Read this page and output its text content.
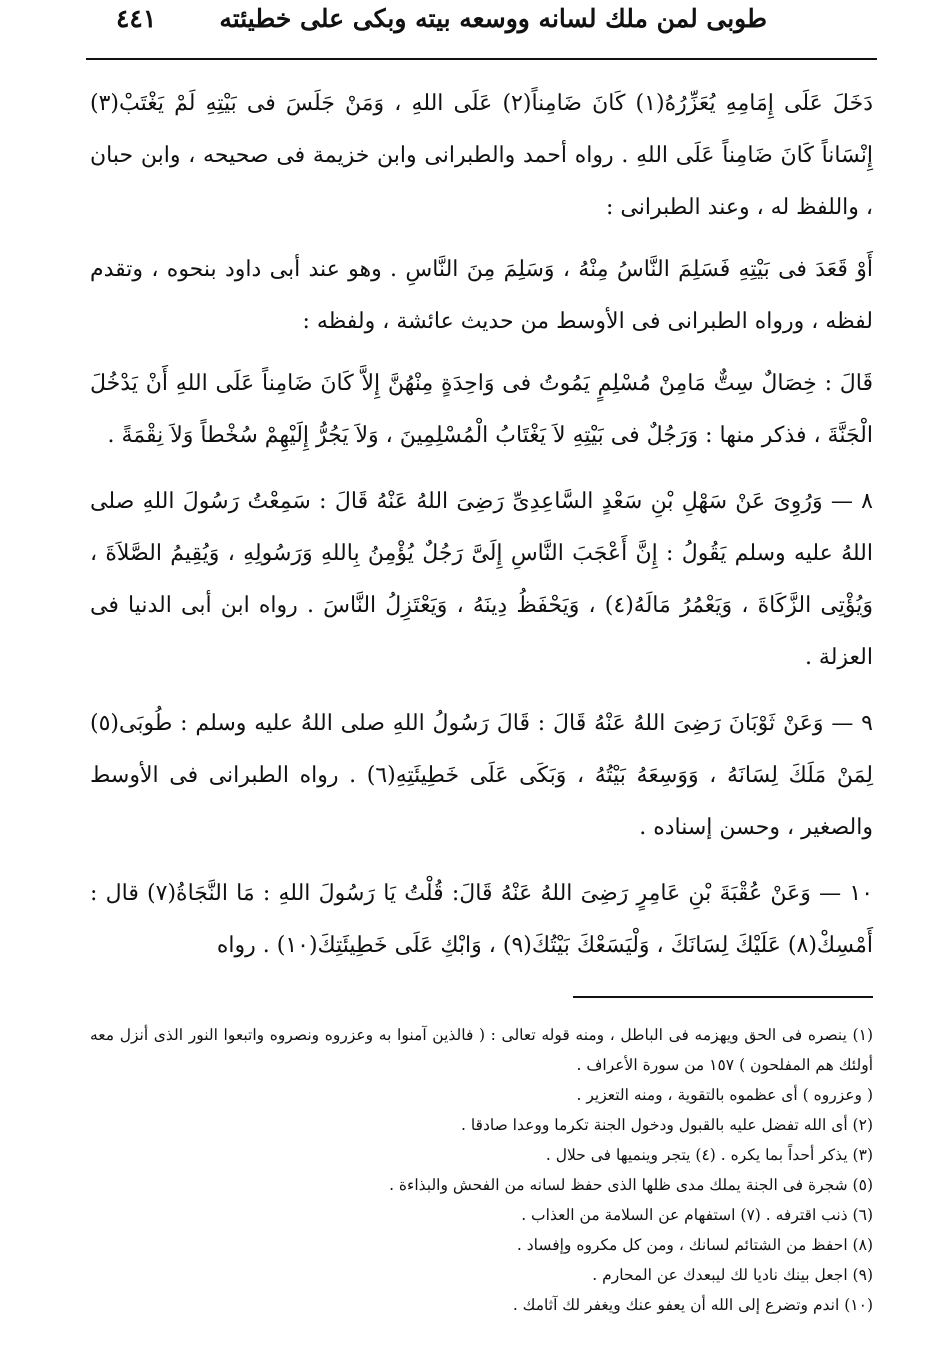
طوبى لمن ملك لسانه ووسعه بيته وبكى على خطيئته
٤٤١

دَخَلَ عَلَى إِمَامِهِ يُعَزِّرُهُ(١) كَانَ ضَامِناً(٢) عَلَى اللهِ ، وَمَنْ جَلَسَ فى بَيْتِهِ لَمْ يَغْتَبْ(٣) إِنْسَاناً كَانَ ضَامِناً عَلَى اللهِ . رواه أحمد والطبرانى وابن خزيمة فى صحيحه ، وابن حبان ، واللفظ له ، وعند الطبرانى :

أَوْ قَعَدَ فى بَيْتِهِ فَسَلِمَ النَّاسُ مِنْهُ ، وَسَلِمَ مِنَ النَّاسِ . وهو عند أبى داود بنحوه ، وتقدم لفظه ، ورواه الطبرانى فى الأوسط من حديث عائشة ، ولفظه :

قَالَ : خِصَالٌ سِتٌّ مَامِنْ مُسْلِمٍ يَمُوتُ فى وَاحِدَةٍ مِنْهُنَّ إِلاَّ كَانَ ضَامِناً عَلَى اللهِ أَنْ يَدْخُلَ الْجَنَّةَ ، فذكر منها : وَرَجُلٌ فى بَيْتِهِ لاَ يَغْتَابُ الْمُسْلِمِينَ ، وَلاَ يَجُرُّ إِلَيْهِمْ سُخْطاً وَلاَ نِقْمَةً .

٨ — وَرُوِىَ عَنْ سَهْلِ بْنِ سَعْدٍ السَّاعِدِىِّ رَضِىَ اللهُ عَنْهُ قَالَ : سَمِعْتُ رَسُولَ اللهِ صلى اللهُ عليه وسلم يَقُولُ : إِنَّ أَعْجَبَ النَّاسِ إِلَىَّ رَجُلٌ يُؤْمِنُ بِاللهِ وَرَسُولِهِ ، وَيُقِيمُ الصَّلاَةَ ، وَيُؤْتِى الزَّكَاةَ ، وَيَعْمُرُ مَالَهُ(٤) ، وَيَحْفَظُ دِينَهُ ، وَيَعْتَزِلُ النَّاسَ . رواه ابن أبى الدنيا فى العزلة .

٩ — وَعَنْ ثَوْبَانَ رَضِىَ اللهُ عَنْهُ قَالَ : قَالَ رَسُولُ اللهِ صلى اللهُ عليه وسلم : طُوبَى(٥) لِمَنْ مَلَكَ لِسَانَهُ ، وَوَسِعَهُ بَيْتُهُ ، وَبَكَى عَلَى خَطِيئَتِهِ(٦) . رواه الطبرانى فى الأوسط والصغير ، وحسن إسناده .

١٠ — وَعَنْ عُقْبَةَ بْنِ عَامِرٍ رَضِىَ اللهُ عَنْهُ قَالَ: قُلْتُ يَا رَسُولَ اللهِ : مَا النَّجَاةُ(٧) قال : أَمْسِكْ(٨) عَلَيْكَ لِسَانَكَ ، وَلْيَسَعْكَ بَيْتُكَ(٩) ، وَابْكِ عَلَى خَطِيئَتِكَ(١٠) . رواه

(١) ينصره فى الحق ويهزمه فى الباطل ، ومنه قوله تعالى : ( فالذين آمنوا به وعزروه ونصروه واتبعوا النور الذى أنزل معه أولئك هم المفلحون ) ١٥٧ من سورة الأعراف .

( وعزروه ) أى عظموه بالتقوية ، ومنه التعزير .

(٢) أى الله تفضل عليه بالقبول ودخول الجنة تكرما ووعدا صادقا .

(٣) يذكر أحداً بما يكره . (٤) يتجر وينميها فى حلال .

(٥) شجرة فى الجنة يملك مدى ظلها الذى حفظ لسانه من الفحش والبذاءة .

(٦) ذنب اقترفه . (٧) استفهام عن السلامة من العذاب .

(٨) احفظ من الشتائم لسانك ، ومن كل مكروه وإفساد .

(٩) اجعل بينك ناديا لك ليبعدك عن المحارم .

(١٠) اندم وتضرع إلى الله أن يعفو عنك ويغفر لك آثامك .
